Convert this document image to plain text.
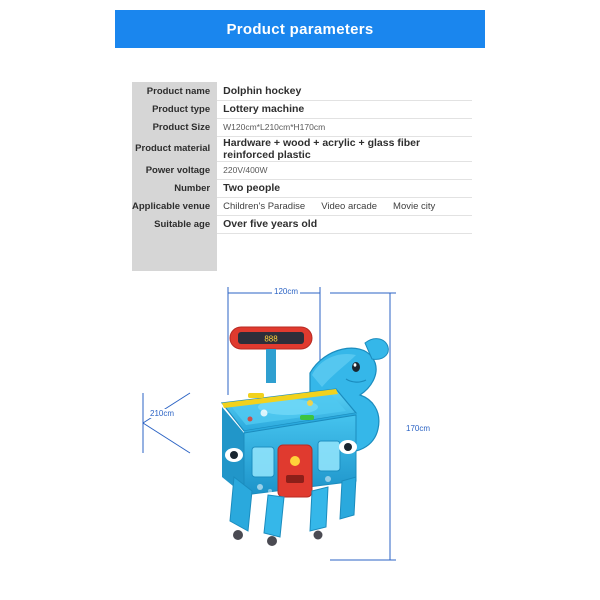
Product parameters
Product name	Dolphin hockey
Product type	Lottery machine
Product Size	W120cm*L210cm*H170cm
Product material	Hardware + wood + acrylic + glass fiber reinforced plastic
Power voltage	220V/400W
Number	Two people
Applicable venue	Children's Paradise Video arcade Movie city

Suitable age	Over five years old

120cm
210cm
170cm
888
